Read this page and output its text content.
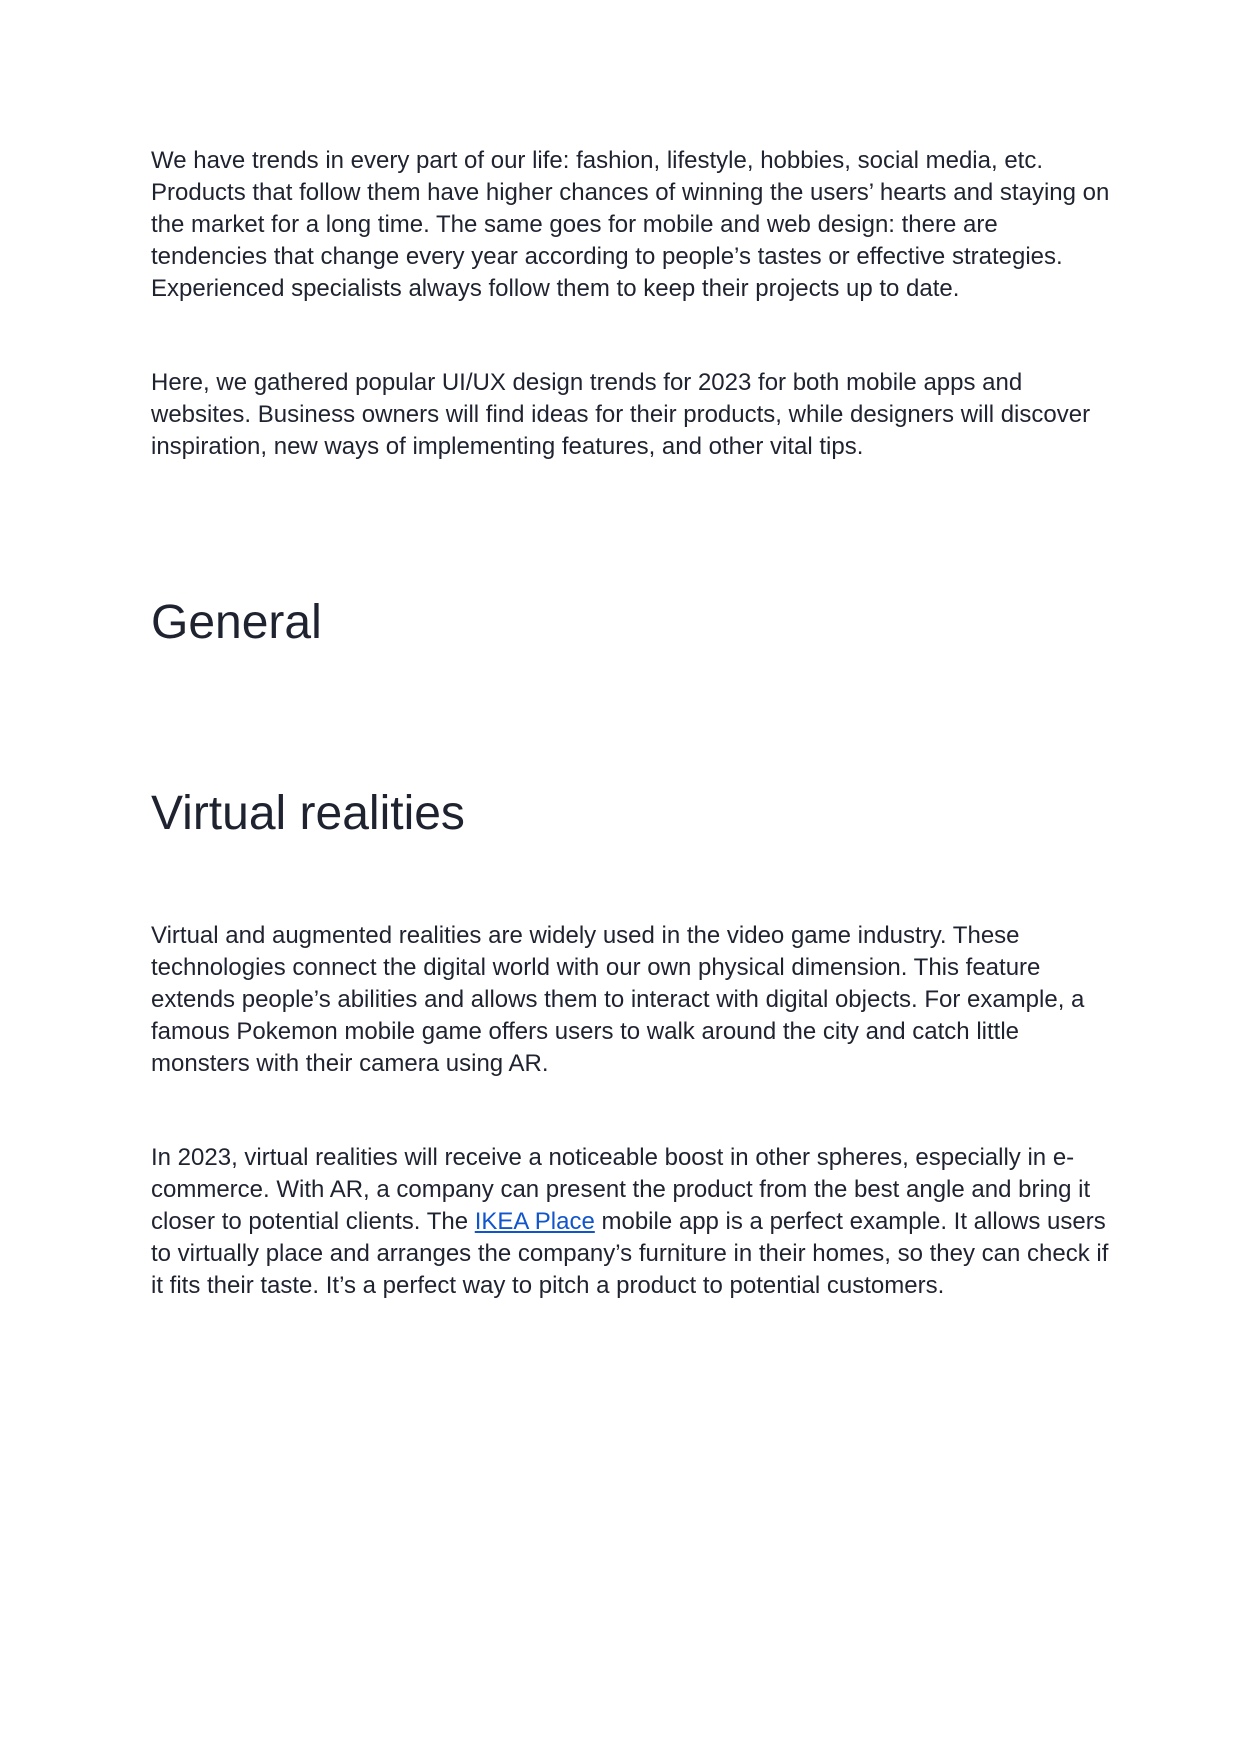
We have trends in every part of our life: fashion, lifestyle, hobbies, social media, etc. Products that follow them have higher chances of winning the users’ hearts and staying on the market for a long time. The same goes for mobile and web design: there are tendencies that change every year according to people’s tastes or effective strategies. Experienced specialists always follow them to keep their projects up to date.

Here, we gathered popular UI/UX design trends for 2023 for both mobile apps and websites. Business owners will find ideas for their products, while designers will discover inspiration, new ways of implementing features, and other vital tips.

General
Virtual realities

Virtual and augmented realities are widely used in the video game industry. These technologies connect the digital world with our own physical dimension. This feature extends people’s abilities and allows them to interact with digital objects. For example, a famous Pokemon mobile game offers users to walk around the city and catch little monsters with their camera using AR.

In 2023, virtual realities will receive a noticeable boost in other spheres, especially in e-commerce. With AR, a company can present the product from the best angle and bring it closer to potential clients. The IKEA Place mobile app is a perfect example. It allows users to virtually place and arranges the company’s furniture in their homes, so they can check if it fits their taste. It’s a perfect way to pitch a product to potential customers.
